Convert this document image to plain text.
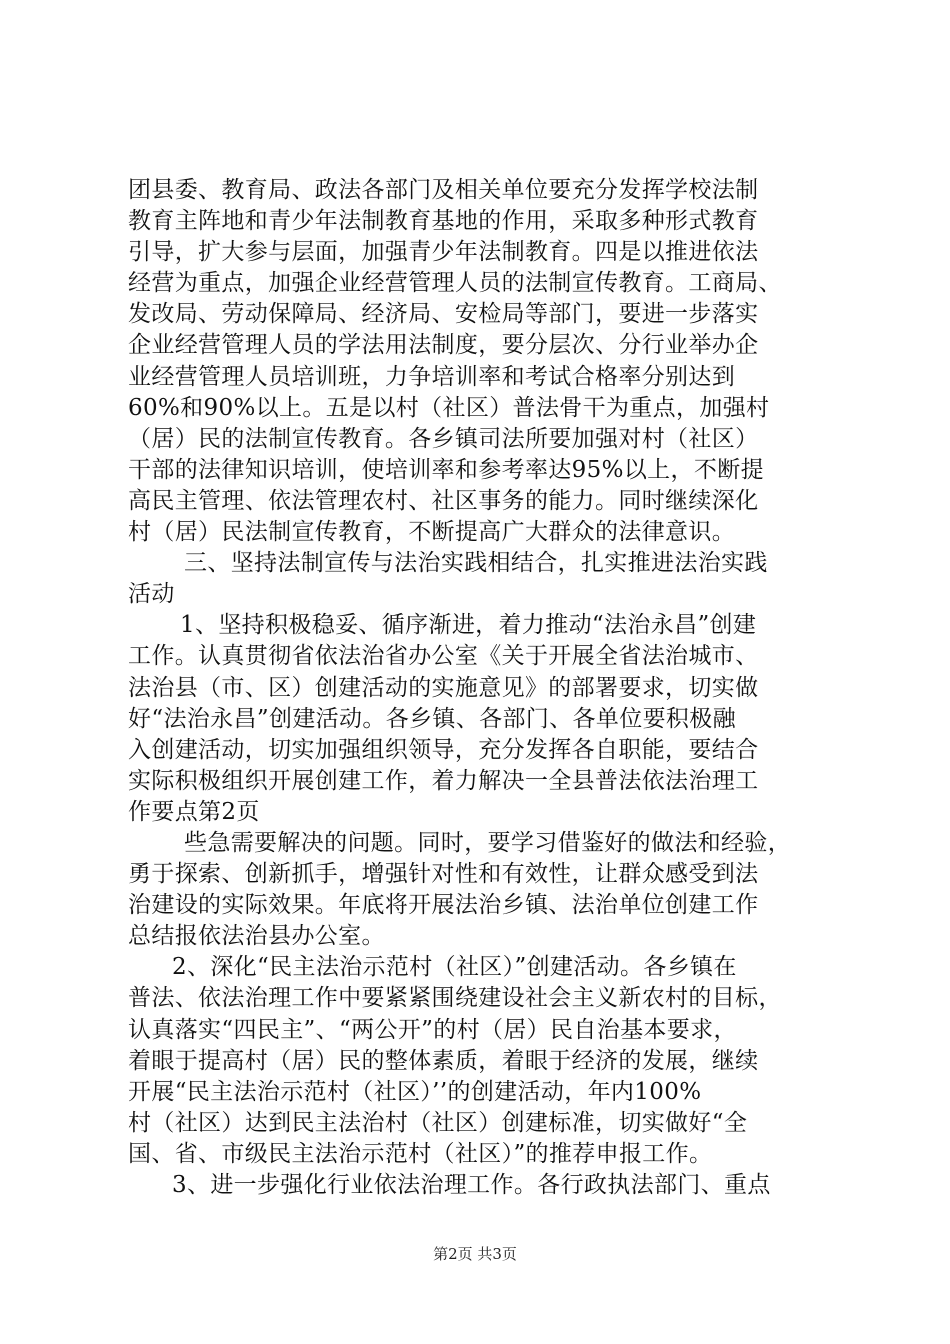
团县委、教育局、政法各部门及相关单位要充分发挥学校法制
教育主阵地和青少年法制教育基地的作用，采取多种形式教育
引导，扩大参与层面，加强青少年法制教育。四是以推进依法
经营为重点，加强企业经营管理人员的法制宣传教育。工商局、
发改局、劳动保障局、经济局、安检局等部门，要进一步落实
企业经营管理人员的学法用法制度，要分层次、分行业举办企
业经营管理人员培训班，力争培训率和考试合格率分别达到
60%和90%以上。五是以村（社区）普法骨干为重点，加强村
（居）民的法制宣传教育。各乡镇司法所要加强对村（社区）
干部的法律知识培训，使培训率和参考率达95%以上，不断提
高民主管理、依法管理农村、社区事务的能力。同时继续深化
村（居）民法制宣传教育，不断提高广大群众的法律意识。
三、坚持法制宣传与法治实践相结合，扎实推进法治实践
活动
1、坚持积极稳妥、循序渐进，着力推动“法治永昌”创建
工作。认真贯彻省依法治省办公室《关于开展全省法治城市、
法治县（市、区）创建活动的实施意见》的部署要求，切实做
好“法治永昌”创建活动。各乡镇、各部门、各单位要积极融
入创建活动，切实加强组织领导，充分发挥各自职能，要结合
实际积极组织开展创建工作，着力解决一全县普法依法治理工
作要点第2页
些急需要解决的问题。同时，要学习借鉴好的做法和经验，
勇于探索、创新抓手，增强针对性和有效性，让群众感受到法
治建设的实际效果。年底将开展法治乡镇、法治单位创建工作
总结报依法治县办公室。
2、深化“民主法治示范村（社区）”创建活动。各乡镇在
普法、依法治理工作中要紧紧围绕建设社会主义新农村的目标，
认真落实“四民主”、“两公开”的村（居）民自治基本要求，
着眼于提高村（居）民的整体素质，着眼于经济的发展，继续
开展“民主法治示范村（社区）’’的创建活动，年内100%
村（社区）达到民主法治村（社区）创建标准，切实做好“全
国、省、市级民主法治示范村（社区）”的推荐申报工作。
3、进一步强化行业依法治理工作。各行政执法部门、重点
第2页 共3页
